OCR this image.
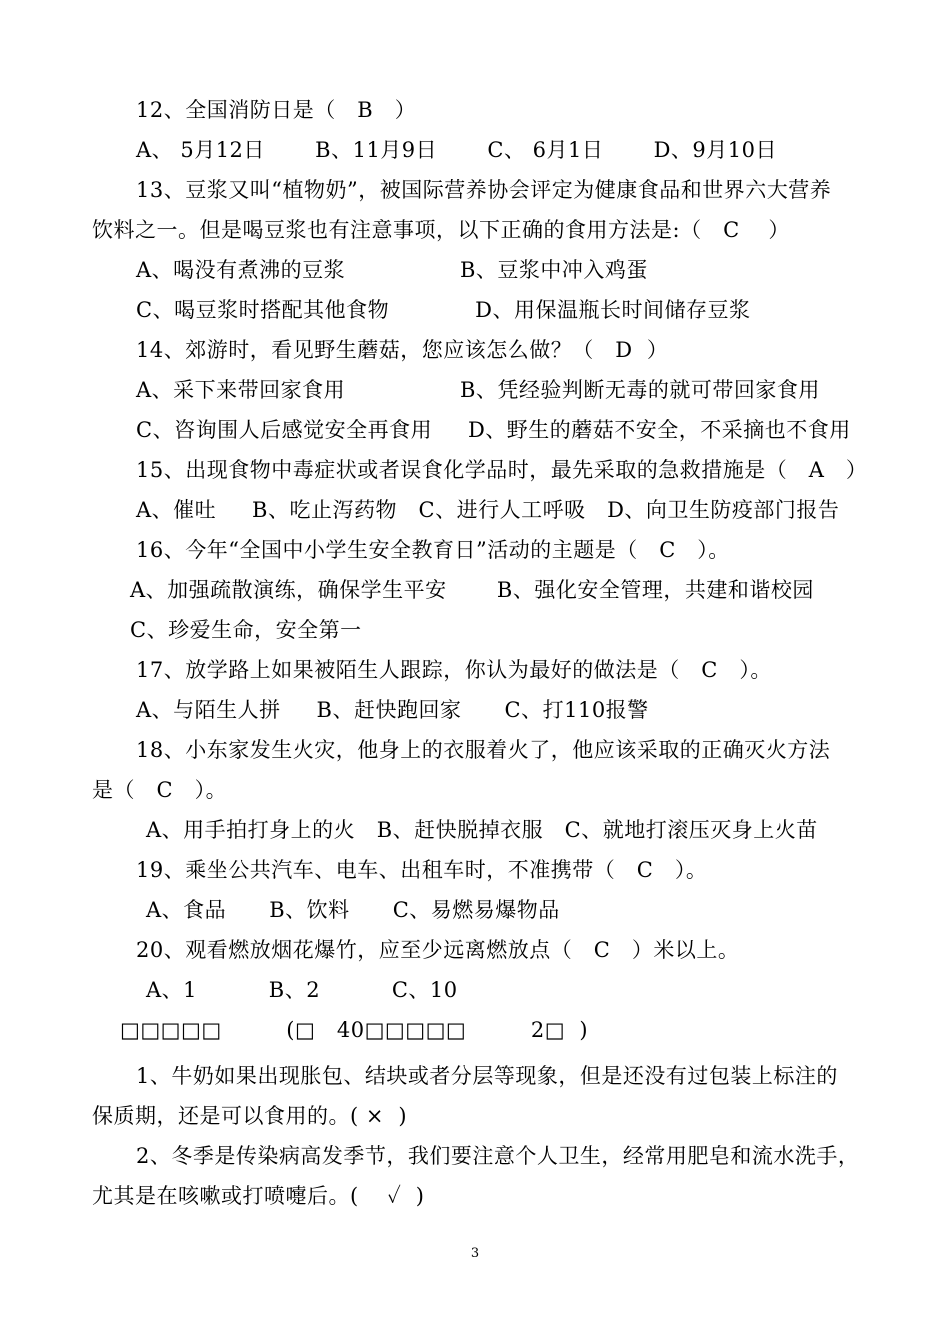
12、全国消防日是（   B   ）
A、 5月12日       B、11月9日       C、 6月1日       D、9月10日
13、豆浆又叫“植物奶”，被国际营养协会评定为健康食品和世界六大营养
饮料之一。但是喝豆浆也有注意事项，以下正确的食用方法是:（   C    ）
A、喝没有煮沸的豆浆                B、豆浆中冲入鸡蛋
C、喝豆浆时搭配其他食物            D、用保温瓶长时间储存豆浆
14、郊游时，看见野生蘑菇，您应该怎么做？（   D  ）
A、采下来带回家食用                B、凭经验判断无毒的就可带回家食用
C、咨询围人后感觉安全再食用     D、野生的蘑菇不安全，不采摘也不食用
15、出现食物中毒症状或者误食化学品时，最先采取的急救措施是（   A   ）
A、催吐     B、吃止泻药物   C、进行人工呼吸   D、向卫生防疫部门报告
16、今年“全国中小学生安全教育日”活动的主题是（   C   ）。
A、加强疏散演练，确保学生平安       B、强化安全管理，共建和谐校园
C、珍爱生命，安全第一
17、放学路上如果被陌生人跟踪，你认为最好的做法是（   C   ）。
A、与陌生人拼     B、赶快跑回家      C、打110报警
18、小东家发生火灾，他身上的衣服着火了，他应该采取的正确灭火方法
是（   C   ）。
A、用手拍打身上的火   B、赶快脱掉衣服   C、就地打滚压灭身上火苗
19、乘坐公共汽车、电车、出租车时，不准携带（   C   ）。
A、食品      B、饮料      C、易燃易爆物品
20、观看燃放烟花爆竹，应至少远离燃放点（   C   ）米以上。
A、1          B、2          C、10
□□□□□         (□   40□□□□□         2□  )
1、牛奶如果出现胀包、结块或者分层等现象，但是还没有过包装上标注的
保质期，还是可以食用的。( ×  )
2、冬季是传染病高发季节，我们要注意个人卫生，经常用肥皂和流水洗手，
尤其是在咳嗽或打喷嚏后。(    ✓  )
3
